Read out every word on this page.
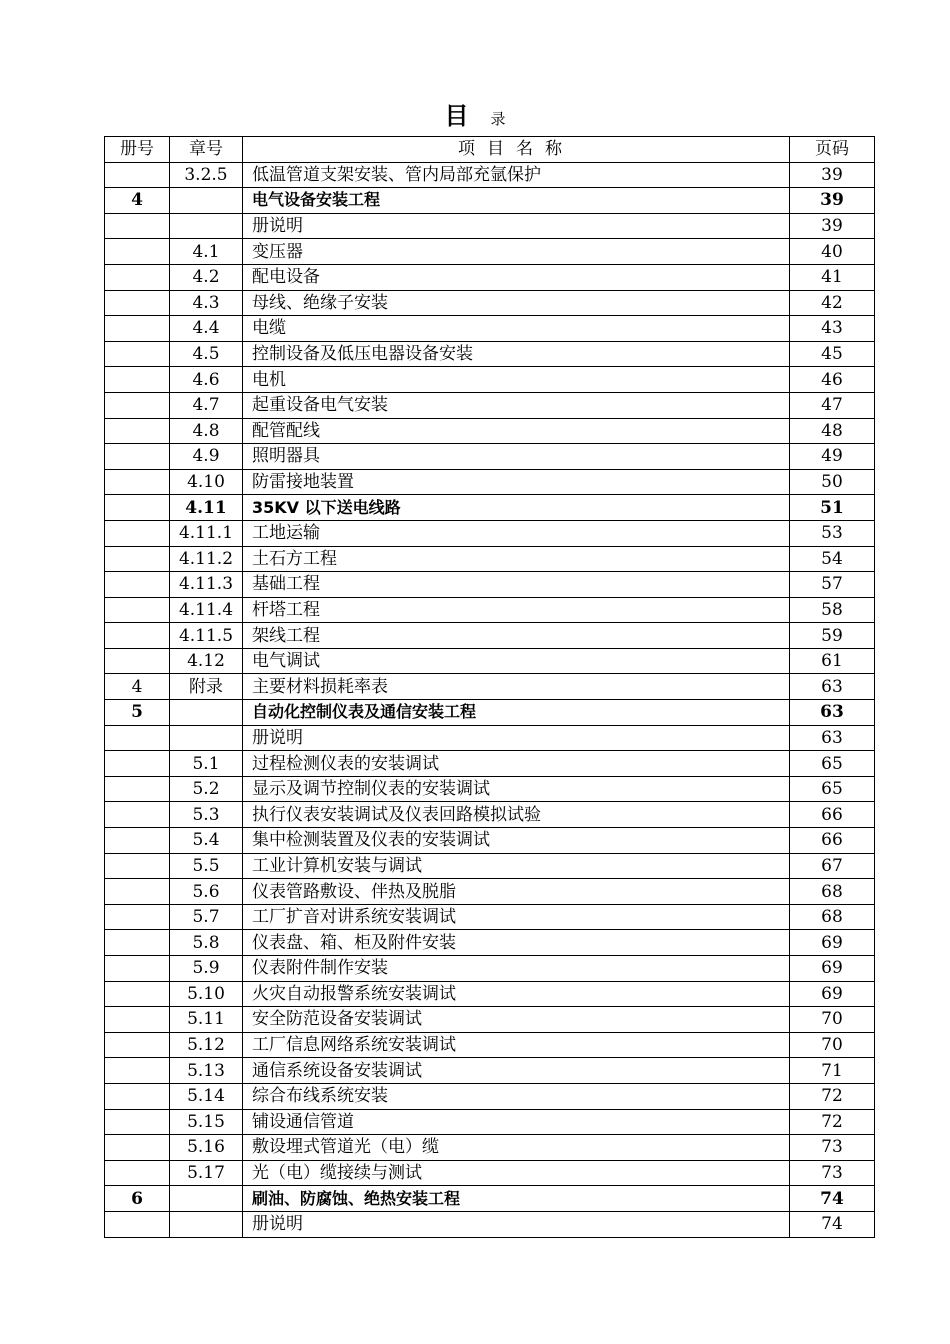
目 录
册号	章号	项目名称	页码
	3.2.5	低温管道支架安装、管内局部充氩保护	39
4		电气设备安装工程	39
		册说明	39
	4.1	变压器	40
	4.2	配电设备	41
	4.3	母线、绝缘子安装	42
	4.4	电缆	43
	4.5	控制设备及低压电器设备安装	45
	4.6	电机	46
	4.7	起重设备电气安装	47
	4.8	配管配线	48
	4.9	照明器具	49
	4.10	防雷接地装置	50
	4.11	35KV 以下送电线路	51
	4.11.1	工地运输	53
	4.11.2	土石方工程	54
	4.11.3	基础工程	57
	4.11.4	杆塔工程	58
	4.11.5	架线工程	59
	4.12	电气调试	61
4	附录	主要材料损耗率表	63
5		自动化控制仪表及通信安装工程	63
		册说明	63
	5.1	过程检测仪表的安装调试	65
	5.2	显示及调节控制仪表的安装调试	65
	5.3	执行仪表安装调试及仪表回路模拟试验	66
	5.4	集中检测装置及仪表的安装调试	66
	5.5	工业计算机安装与调试	67
	5.6	仪表管路敷设、伴热及脱脂	68
	5.7	工厂扩音对讲系统安装调试	68
	5.8	仪表盘、箱、柜及附件安装	69
	5.9	仪表附件制作安装	69
	5.10	火灾自动报警系统安装调试	69
	5.11	安全防范设备安装调试	70
	5.12	工厂信息网络系统安装调试	70
	5.13	通信系统设备安装调试	71
	5.14	综合布线系统安装	72
	5.15	铺设通信管道	72
	5.16	敷设埋式管道光（电）缆	73
	5.17	光（电）缆接续与测试	73
6		刷油、防腐蚀、绝热安装工程	74
		册说明	74
